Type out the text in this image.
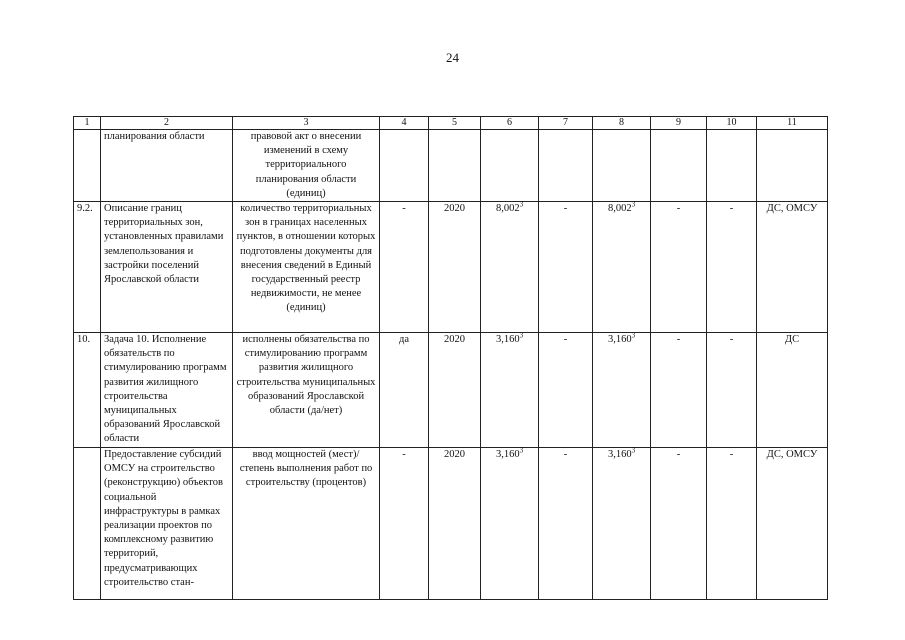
24
1	2	3	4	5	6	7	8	9	10	11
	планирования области	правовой акт о внесении изменений в схему территориального планирования области (единиц)								
9.2.	Описание границ территориальных зон, установленных правилами землепользования и застройки поселений Ярославской области	количество территориальных зон в границах населенных пунктов, в отношении которых подготовлены документы для внесения сведений в Единый государственный реестр недвижимости, не менее (единиц)	-	2020	8,002$^3$	-	8,002$^3$	-	-	ДС, ОМСУ
10.	Задача 10. Исполнение обязательств по стимулированию программ развития жилищного строительства муниципальных образований Ярославской области	исполнены обязательства по стимулированию программ развития жилищного строительства муниципальных образований Ярославской области (да/нет)	да	2020	3,160$^3$	-	3,160$^3$	-	-	ДС
	Предоставление субсидий ОМСУ на строительство (реконструкцию) объектов социальной инфраструктуры в рамках реализации проектов по комплексному развитию территорий, предусматривающих строительство стан-	ввод мощностей (мест)/ степень выполнения работ по строительству (процентов)	-	2020	3,160$^3$	-	3,160$^3$	-	-	ДС, ОМСУ
